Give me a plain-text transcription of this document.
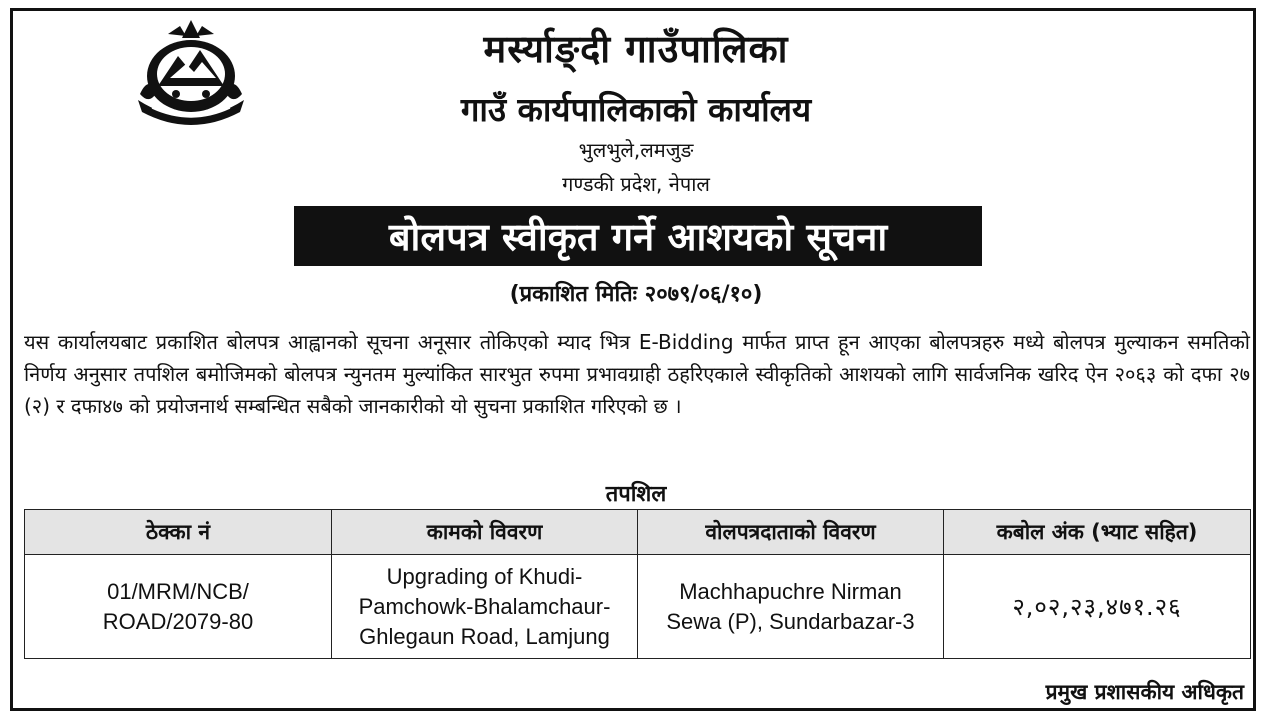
मर्स्याङ्दी गाउँपालिका
गाउँ कार्यपालिकाको कार्यालय
भुलभुले,लमजुङ
गण्डकी प्रदेश, नेपाल
बोलपत्र स्वीकृत गर्ने आशयको सूचना
(प्रकाशित मितिः २०७९/०६/१०)
यस कार्यालयबाट प्रकाशित बोलपत्र आह्वानको सूचना अनूसार तोकिएको म्याद भित्र E-Bidding मार्फत प्राप्त हून आएका बोलपत्रहरु मध्ये बोलपत्र मुल्याकन समतिको निर्णय अनुसार तपशिल बमोजिमको बोलपत्र न्युनतम मुल्यांकित सारभुत रुपमा प्रभावग्राही ठहरिएकाले स्वीकृतिको आशयको लागि सार्वजनिक खरिद ऐन २०६३ को दफा २७ (२) र दफा४७ को प्रयोजनार्थ सम्बन्धित सबैको जानकारीको यो सुचना प्रकाशित गरिएको छ ।
तपशिल
ठेक्का नं	कामको विवरण	वोलपत्रदाताको विवरण	कबोल अंक (भ्याट सहित)
01/MRM/NCB/ ROAD/2079-80	Upgrading of Khudi- Pamchowk-Bhalamchaur- Ghlegaun Road, Lamjung	Machhapuchre Nirman Sewa (P), Sundarbazar-3	२,०२,२३,४७१.२६
प्रमुख प्रशासकीय अधिकृत
